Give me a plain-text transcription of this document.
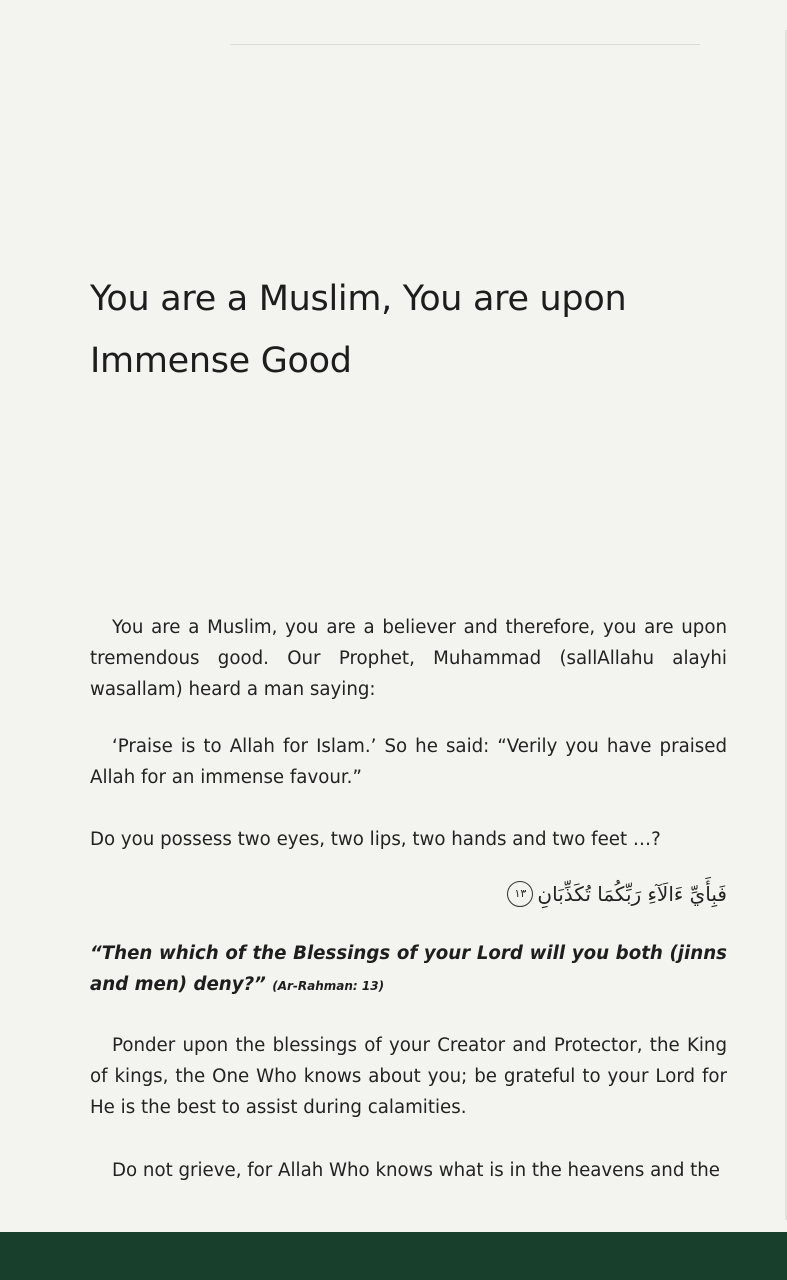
You are a Muslim, You are upon Immense Good

You are a Muslim, you are a believer and therefore, you are upon tremendous good. Our Prophet, Muhammad (sallAllahu alayhi wasallam) heard a man saying:

‘Praise is to Allah for Islam.’ So he said: “Verily you have praised Allah for an immense favour.”

Do you possess two eyes, two lips, two hands and two feet …?

فَبِأَيِّ ءَالَآءِ رَبِّكُمَا تُكَذِّبَانِ
١٣

“Then which of the Blessings of your Lord will you both (jinns and men) deny?” (Ar-Rahman: 13)

Ponder upon the blessings of your Creator and Protector, the King of kings, the One Who knows about you; be grateful to your Lord for He is the best to assist during calamities.

Do not grieve, for Allah Who knows what is in the heavens and the
